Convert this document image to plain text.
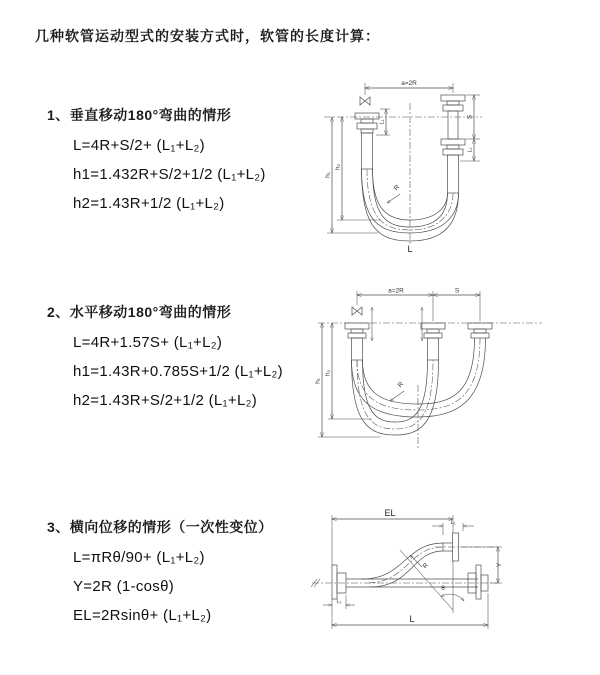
几种软管运动型式的安装方式时，软管的长度计算：
1、垂直移动180°弯曲的情形
L=4R+S/2+ (L₁+L₂)
h1=1.432R+S/2+1/2 (L₁+L₂)
h2=1.43R+1/2 (L₁+L₂)
2、水平移动180°弯曲的情形
L=4R+1.57S+ (L₁+L₂)
h1=1.43R+0.785S+1/2 (L₁+L₂)
h2=1.43R+S/2+1/2 (L₁+L₂)
3、横向位移的情形（一次性变位）
L=πRθ/90+ (L₁+L₂)
Y=2R (1-cosθ)
EL=2Rsinθ+ (L₁+L₂)
a=2R
h₁
h₂
L₁
S
L₁
R
L
a=2R	S
h₁
h₂
R
EL
L₁
Y
θ
R
L₁
L
